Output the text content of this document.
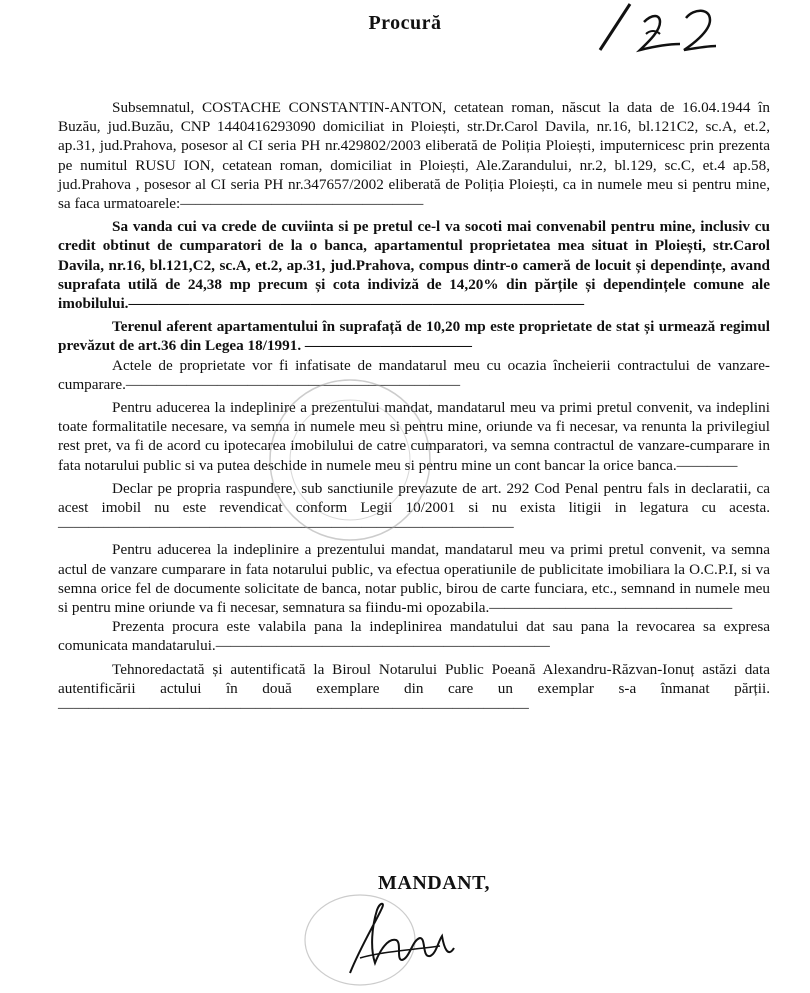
Procură

Subsemnatul, COSTACHE CONSTANTIN-ANTON, cetatean roman, născut la data de 16.04.1944 în Buzău, jud.Buzău, CNP 1440416293090 domiciliat in Ploiești, str.Dr.Carol Davila, nr.16, bl.121C2, sc.A, et.2, ap.31, jud.Prahova, posesor al CI seria PH nr.429802/2003 eliberată de Poliția Ploiești, imputernicesc prin prezenta pe numitul RUSU ION, cetatean roman, domiciliat in Ploiești, Ale.Zarandului, nr.2, bl.129, sc.C, et.4 ap.58, jud.Prahova , posesor al CI seria PH nr.347657/2002 eliberată de Poliția Ploiești, ca in numele meu si pentru mine, sa faca urmatoarele:————————————————

Sa vanda cui va crede de cuviinta si pe pretul ce-l va socoti mai convenabil pentru mine, inclusiv cu credit obtinut de cumparatori de la o banca, apartamentul proprietatea mea situat in Ploiești, str.Carol Davila, nr.16, bl.121,C2, sc.A, et.2, ap.31, jud.Prahova, compus dintr-o cameră de locuit și dependințe, avand suprafata utilă de 24,38 mp precum și cota indiviză de 14,20% din părțile și dependințele comune ale imobilului.——————————————————————————————

Terenul aferent apartamentului în suprafață de 10,20 mp este proprietate de stat și urmează regimul prevăzut de art.36 din Legea 18/1991. ———————————

Actele de proprietate vor fi infatisate de mandatarul meu cu ocazia încheierii contractului de vanzare-cumparare.——————————————————————

Pentru aducerea la indeplinire a prezentului mandat, mandatarul meu va primi pretul convenit, va indeplini toate formalitatile necesare, va semna in numele meu si pentru mine, oriunde va fi necesar, va renunta la privilegiul rest pret, va fi de acord cu ipotecarea imobilului de catre cumparatori, va semna contractul de vanzare-cumparare in fata notarului public si va putea deschide in numele meu si pentru mine un cont bancar la orice banca.————

Declar pe propria raspundere, sub sanctiunile prevazute de art. 292 Cod Penal pentru fals in declaratii, ca acest imobil nu este revendicat conform Legii 10/2001 si nu exista litigii in legatura cu acesta.——————————————————————————————

Pentru aducerea la indeplinire a prezentului mandat, mandatarul meu va primi pretul convenit, va semna actul de vanzare cumparare in fata notarului public, va efectua operatiunile de publicitate imobiliara la O.C.P.I, si va semna orice fel de documente solicitate de banca, notar public, birou de carte funciara, etc., semnand in numele meu si pentru mine oriunde va fi necesar, semnatura sa fiindu-mi opozabila.————————————————

Prezenta procura este valabila pana la indeplinirea mandatului dat sau pana la revocarea sa expresa comunicata mandatarului.——————————————————————

Tehnoredactată și autentificată la Biroul Notarului Public Poeană Alexandru-Răzvan-Ionuț astăzi data autentificării actului în două exemplare din care un exemplar s-a înmanat părții.———————————————————————————————

MANDANT,
